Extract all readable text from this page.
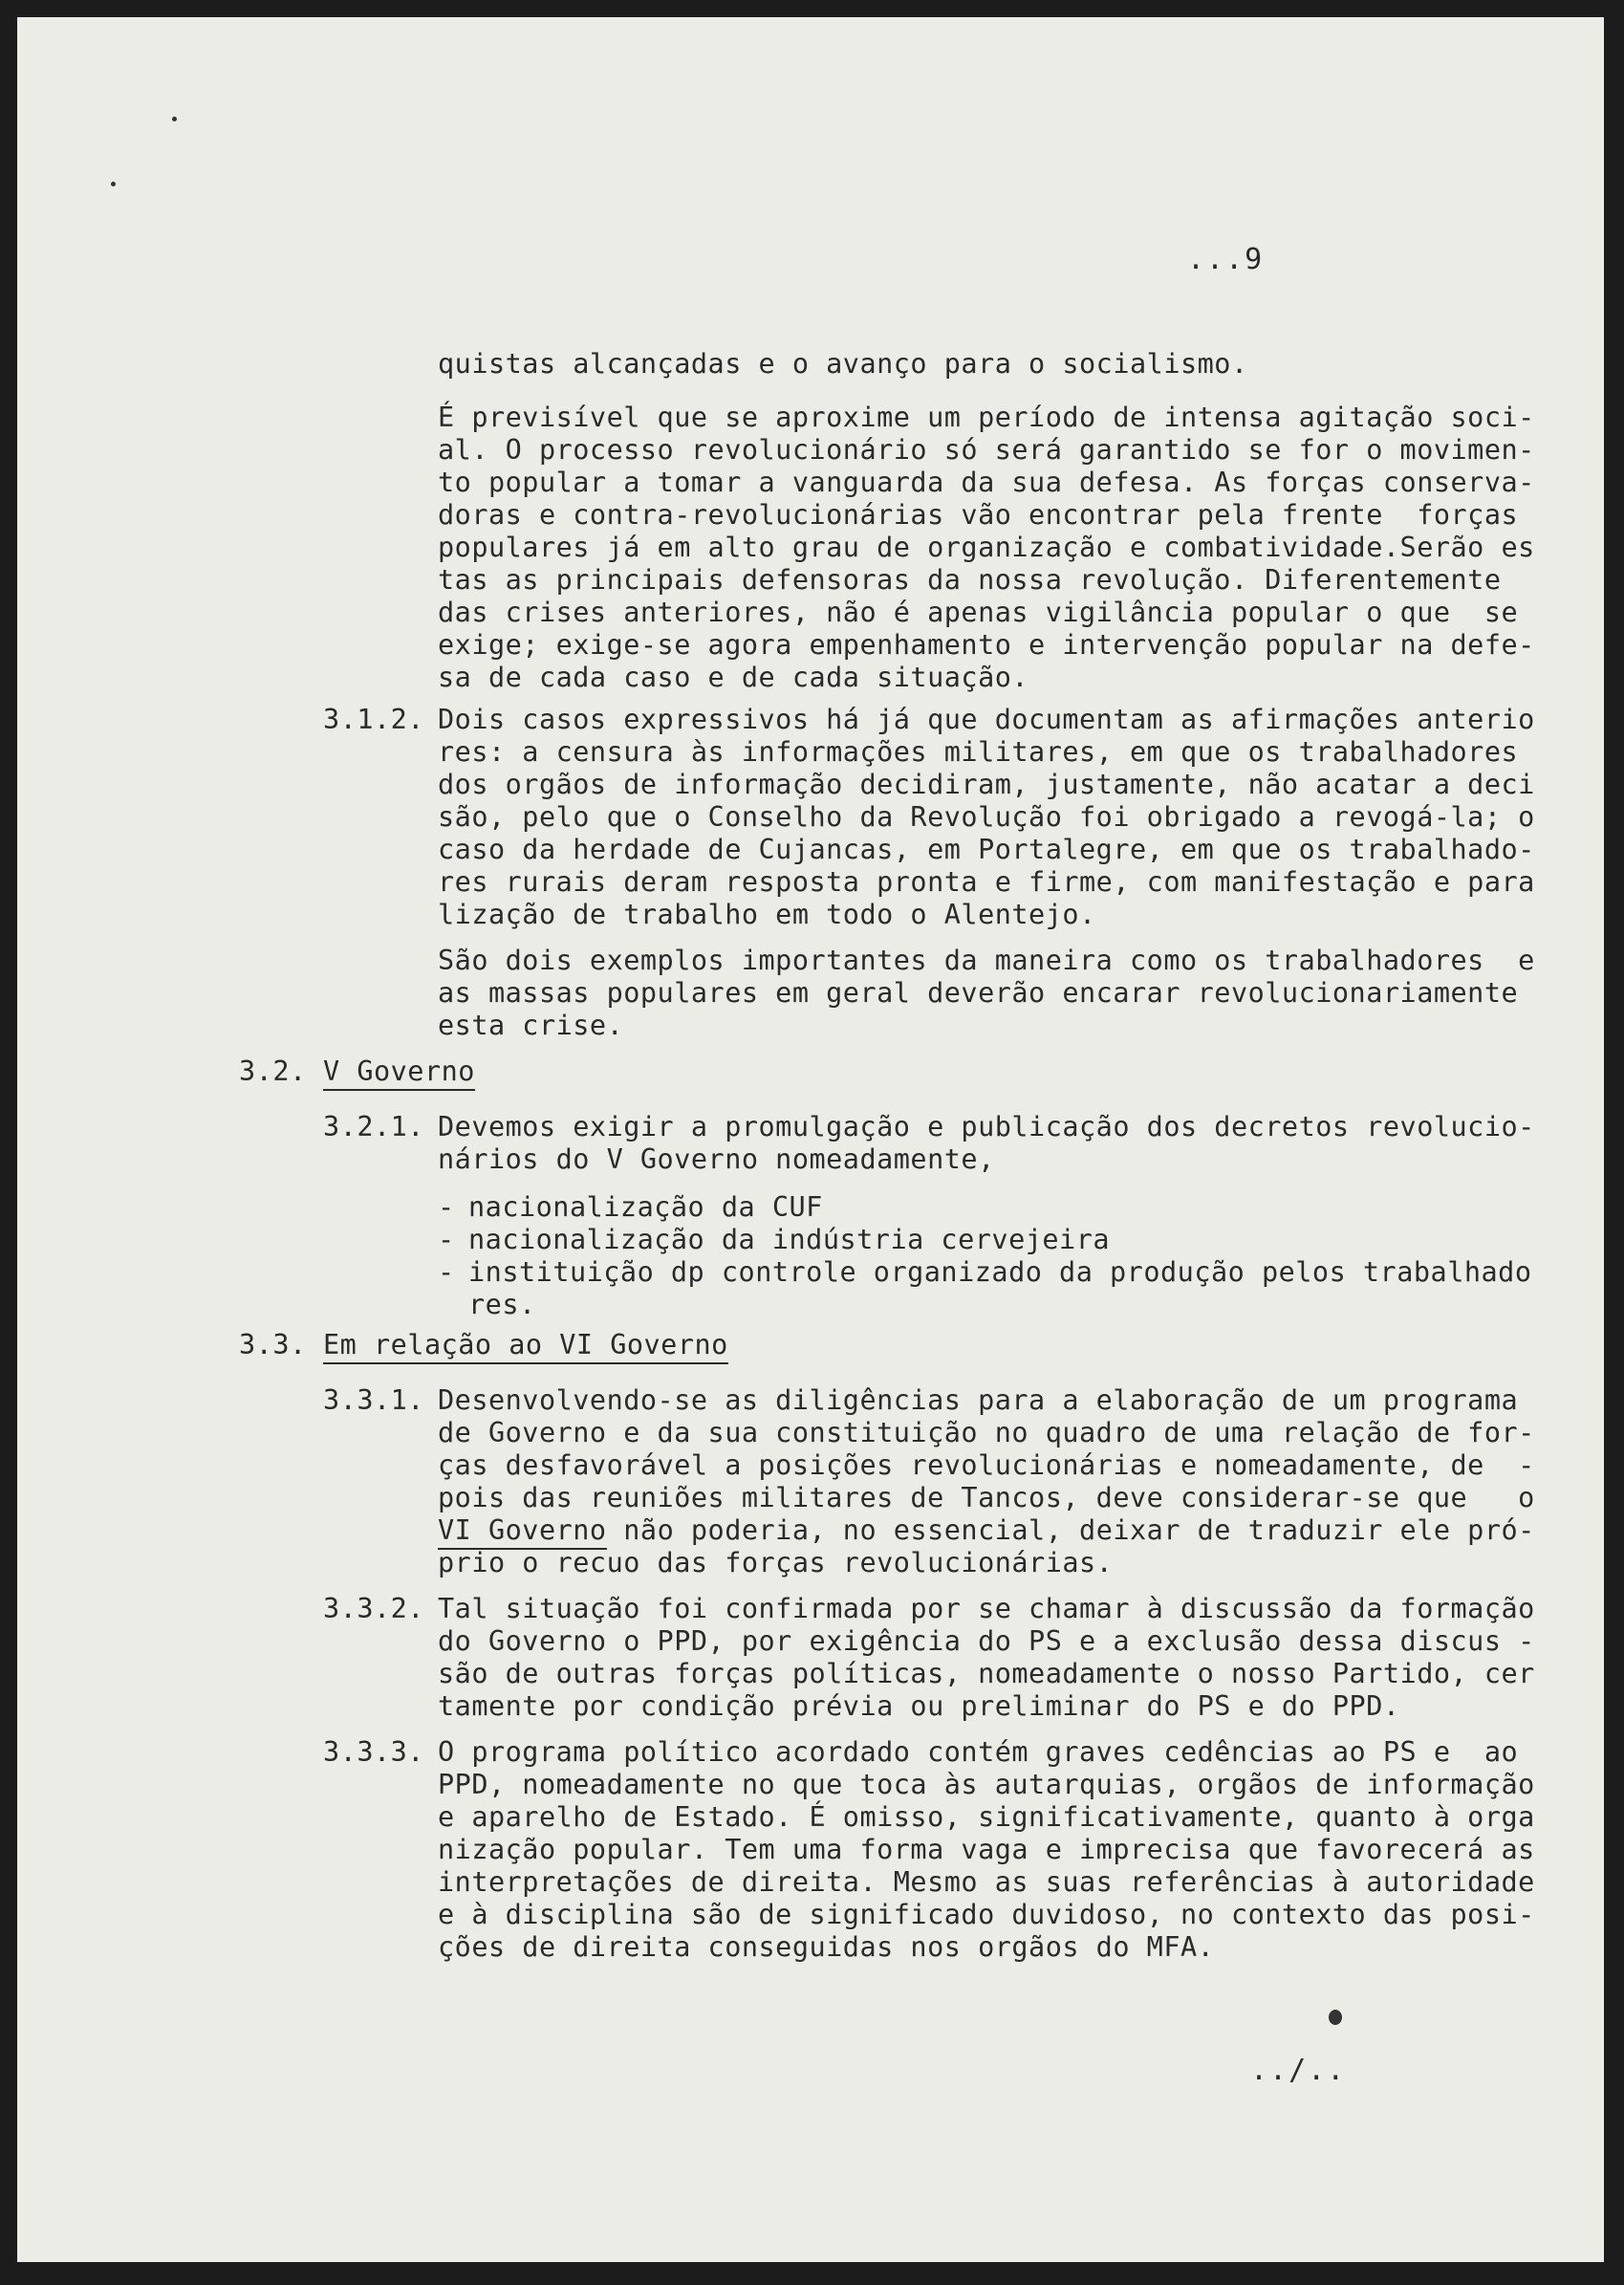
...9
quistas alcançadas e o avanço para o socialismo.
É previsível que se aproxime um período de intensa agitação soci-
al. O processo revolucionário só será garantido se for o movimen-
to popular a tomar a vanguarda da sua defesa. As forças conserva-
doras e contra-revolucionárias vão encontrar pela frente  forças
populares já em alto grau de organização e combatividade.Serão es
tas as principais defensoras da nossa revolução. Diferentemente
das crises anteriores, não é apenas vigilância popular o que  se
exige; exige-se agora empenhamento e intervenção popular na defe-
sa de cada caso e de cada situação.
3.1.2. Dois casos expressivos há já que documentam as afirmações anterio
res: a censura às informações militares, em que os trabalhadores
dos orgãos de informação decidiram, justamente, não acatar a deci
são, pelo que o Conselho da Revolução foi obrigado a revogá-la; o
caso da herdade de Cujancas, em Portalegre, em que os trabalhado-
res rurais deram resposta pronta e firme, com manifestação e para
lização de trabalho em todo o Alentejo.
São dois exemplos importantes da maneira como os trabalhadores  e
as massas populares em geral deverão encarar revolucionariamente
esta crise.
3.2. V Governo
3.2.1. Devemos exigir a promulgação e publicação dos decretos revolucio-
nários do V Governo nomeadamente,
- nacionalização da CUF
- nacionalização da indústria cervejeira
- instituição dp controle organizado da produção pelos trabalhado
res.
3.3. Em relação ao VI Governo
3.3.1. Desenvolvendo-se as diligências para a elaboração de um programa
de Governo e da sua constituição no quadro de uma relação de for-
ças desfavorável a posições revolucionárias e nomeadamente, de  -
pois das reuniões militares de Tancos, deve considerar-se que   o
VI Governo não poderia, no essencial, deixar de traduzir ele pró-
prio o recuo das forças revolucionárias.
3.3.2. Tal situação foi confirmada por se chamar à discussão da formação
do Governo o PPD, por exigência do PS e a exclusão dessa discus -
são de outras forças políticas, nomeadamente o nosso Partido, cer
tamente por condição prévia ou preliminar do PS e do PPD.
3.3.3. O programa político acordado contém graves cedências ao PS e  ao
PPD, nomeadamente no que toca às autarquias, orgãos de informação
e aparelho de Estado. É omisso, significativamente, quanto à orga
nização popular. Tem uma forma vaga e imprecisa que favorecerá as
interpretações de direita. Mesmo as suas referências à autoridade
e à disciplina são de significado duvidoso, no contexto das posi-
ções de direita conseguidas nos orgãos do MFA.
../..
